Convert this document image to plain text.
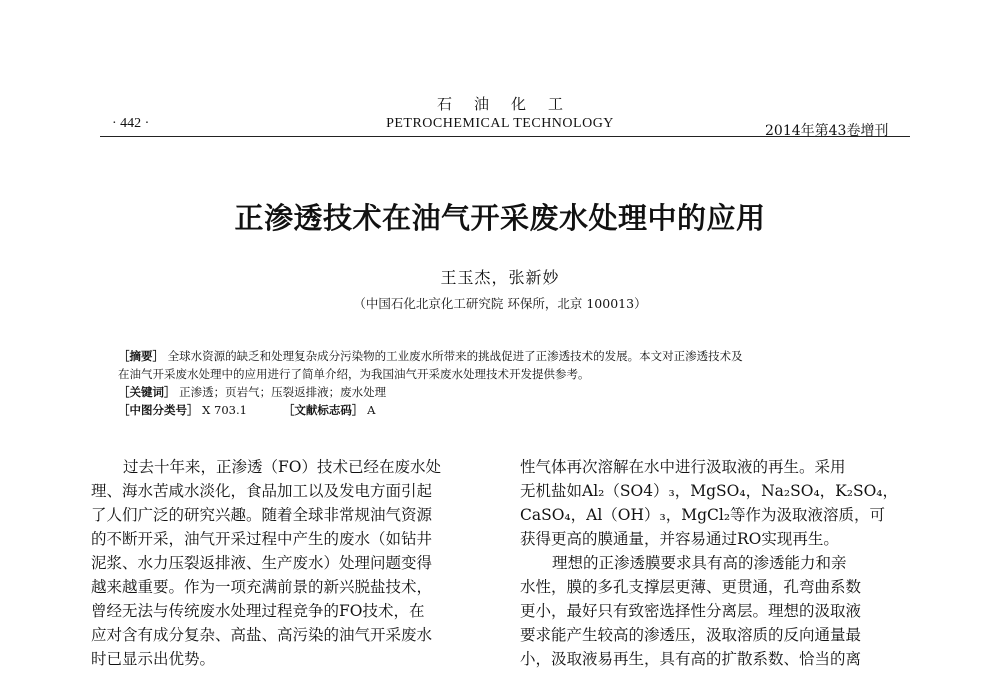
石油化工
· 442 ·	PETROCHEMICAL TECHNOLOGY	2014年第43卷增刊
正渗透技术在油气开采废水处理中的应用
王玉杰，张新妙
（中国石化北京化工研究院 环保所，北京 100013）

［摘要］ 全球水资源的缺乏和处理复杂成分污染物的工业废水所带来的挑战促进了正渗透技术的发展。本文对正渗透技术及

在油气开采废水处理中的应用进行了简单介绍，为我国油气开采废水处理技术开发提供参考。

［关键词］ 正渗透；页岩气；压裂返排液；废水处理

［中图分类号］ X 703.1	［文献标志码］ A

过去十年来，正渗透（FO）技术已经在废水处

理、海水苦咸水淡化，食品加工以及发电方面引起

了人们广泛的研究兴趣。随着全球非常规油气资源

的不断开采，油气开采过程中产生的废水（如钻井

泥浆、水力压裂返排液、生产废水）处理问题变得

越来越重要。作为一项充满前景的新兴脱盐技术，

曾经无法与传统废水处理过程竞争的FO技术，在

应对含有成分复杂、高盐、高污染的油气开采废水

时已显示出优势。

性气体再次溶解在水中进行汲取液的再生。采用

无机盐如Al₂（SO4）₃，MgSO₄，Na₂SO₄，K₂SO₄，

CaSO₄，Al（OH）₃，MgCl₂等作为汲取液溶质，可

获得更高的膜通量，并容易通过RO实现再生。

理想的正渗透膜要求具有高的渗透能力和亲

水性，膜的多孔支撑层更薄、更贯通，孔弯曲系数

更小，最好只有致密选择性分离层。理想的汲取液

要求能产生较高的渗透压，汲取溶质的反向通量最

小，汲取液易再生，具有高的扩散系数、恰当的离
